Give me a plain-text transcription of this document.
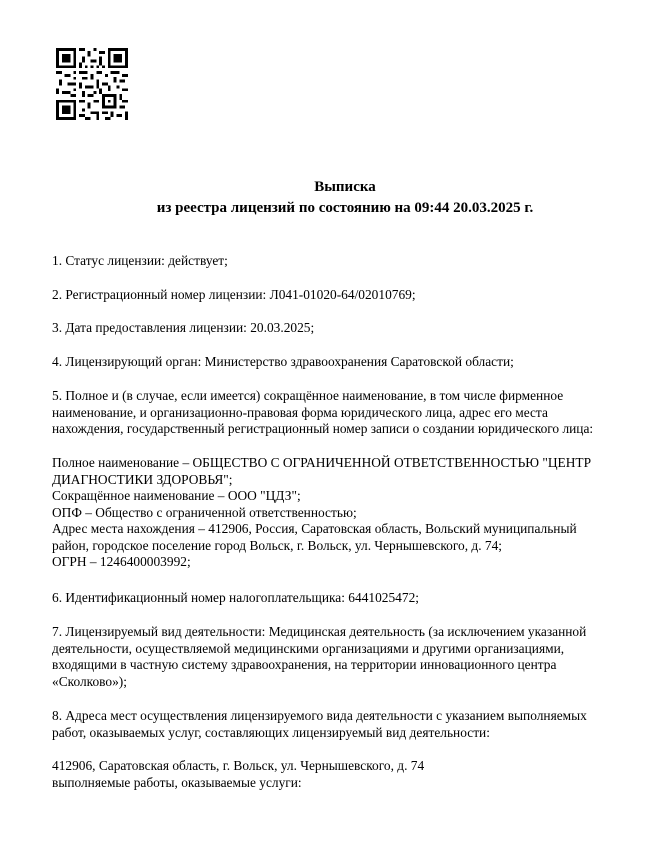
Выписка
из реестра лицензий по состоянию на 09:44 20.03.2025 г.
1. Статус лицензии: действует;
2. Регистрационный номер лицензии: Л041-01020-64/02010769;
3. Дата предоставления лицензии: 20.03.2025;
4. Лицензирующий орган: Министерство здравоохранения Саратовской области;
5. Полное и (в случае, если имеется) сокращённое наименование, в том числе фирменное
наименование, и организационно-правовая форма юридического лица, адрес его места
нахождения, государственный регистрационный номер записи о создании юридического лица:
Полное наименование – ОБЩЕСТВО С ОГРАНИЧЕННОЙ ОТВЕТСТВЕННОСТЬЮ "ЦЕНТР
ДИАГНОСТИКИ ЗДОРОВЬЯ";
Сокращённое наименование – ООО "ЦДЗ";
ОПФ – Общество с ограниченной ответственностью;
Адрес места нахождения – 412906, Россия, Саратовская область, Вольский муниципальный
район, городское поселение город Вольск, г. Вольск, ул. Чернышевского, д. 74;
ОГРН – 1246400003992;
6. Идентификационный номер налогоплательщика: 6441025472;
7. Лицензируемый вид деятельности: Медицинская деятельность (за исключением указанной
деятельности, осуществляемой медицинскими организациями и другими организациями,
входящими в частную систему здравоохранения, на территории инновационного центра
«Сколково»);
8. Адреса мест осуществления лицензируемого вида деятельности с указанием выполняемых
работ, оказываемых услуг, составляющих лицензируемый вид деятельности:
412906, Саратовская область, г. Вольск, ул. Чернышевского, д. 74
выполняемые работы, оказываемые услуги:
